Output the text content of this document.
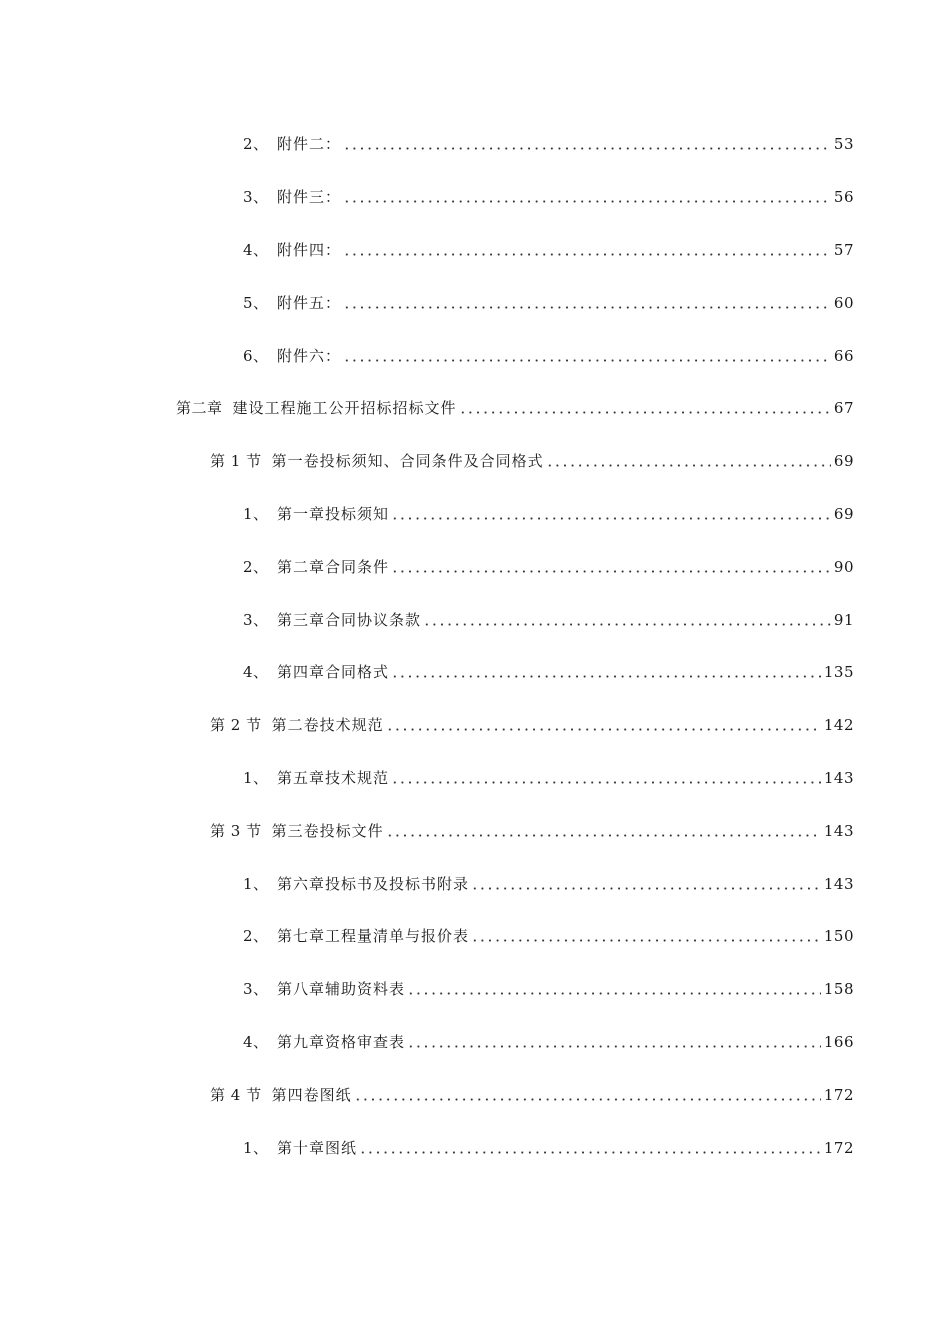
2、 附件二：	53
3、 附件三：	56
4、 附件四：	57
5、 附件五：	60
6、 附件六：	66
第二章 建设工程施工公开招标招标文件	67
第 1 节 第一卷投标须知、合同条件及合同格式	69
1、 第一章投标须知	69
2、 第二章合同条件	90
3、 第三章合同协议条款	91
4、 第四章合同格式	135
第 2 节 第二卷技术规范	142
1、 第五章技术规范	143
第 3 节 第三卷投标文件	143
1、 第六章投标书及投标书附录	143
2、 第七章工程量清单与报价表	150
3、 第八章辅助资料表	158
4、 第九章资格审查表	166
第 4 节 第四卷图纸	172
1、 第十章图纸	172
